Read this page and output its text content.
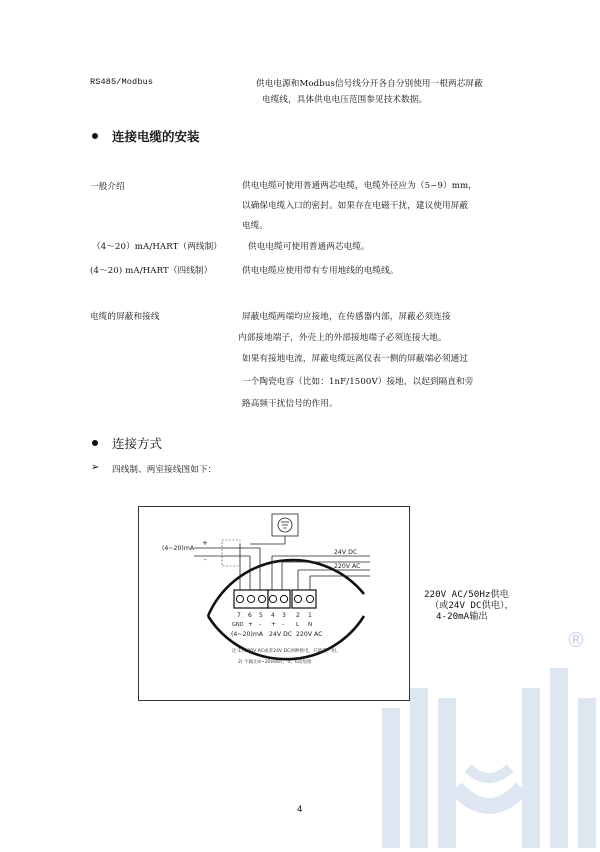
RS485/Modbus	供电电源和Modbus信号线分开各自分别使用一根两芯屏蔽
电缆线，具体供电电压范围参见技术数据。
连接电缆的安装
一般介绍	供电电缆可使用普通两芯电缆，电缆外径应为（5~9）mm，
以确保电缆入口的密封。如果存在电磁干扰，建议使用屏蔽
电缆。
（4～20）mA/HART（两线制）	供电电缆可使用普通两芯电缆。
(4～20) mA/HART（四线制）	供电电缆应使用带有专用地线的电缆线。
电缆的屏蔽和接线	屏蔽电缆两端均应接地，在传感器内部，屏蔽必须连接
内部接地端子，外壳上的外部接地端子必须连接大地。
如果有接地电流，屏蔽电缆远离仪表一侧的屏蔽端必须通过
一个陶瓷电容（比如：1nF/1500V）接地，以起到隔直和旁
路高频干扰信号的作用。
连接方式
➢ 四线制、两室接线图如下：
(4~20)mA
+
-
24V DC
220V AC
7 6 5 4 3 2 1
GND + - + - L N
(4~20)mA 24V DC 220V AC
注:1) 220V AC或者24V DC两种供电，只能选一组。
2) 不输出4~20mA时，5、6需短接
220V AC/50Hz供电
（或24V DC供电），
4-20mA输出
4
®
